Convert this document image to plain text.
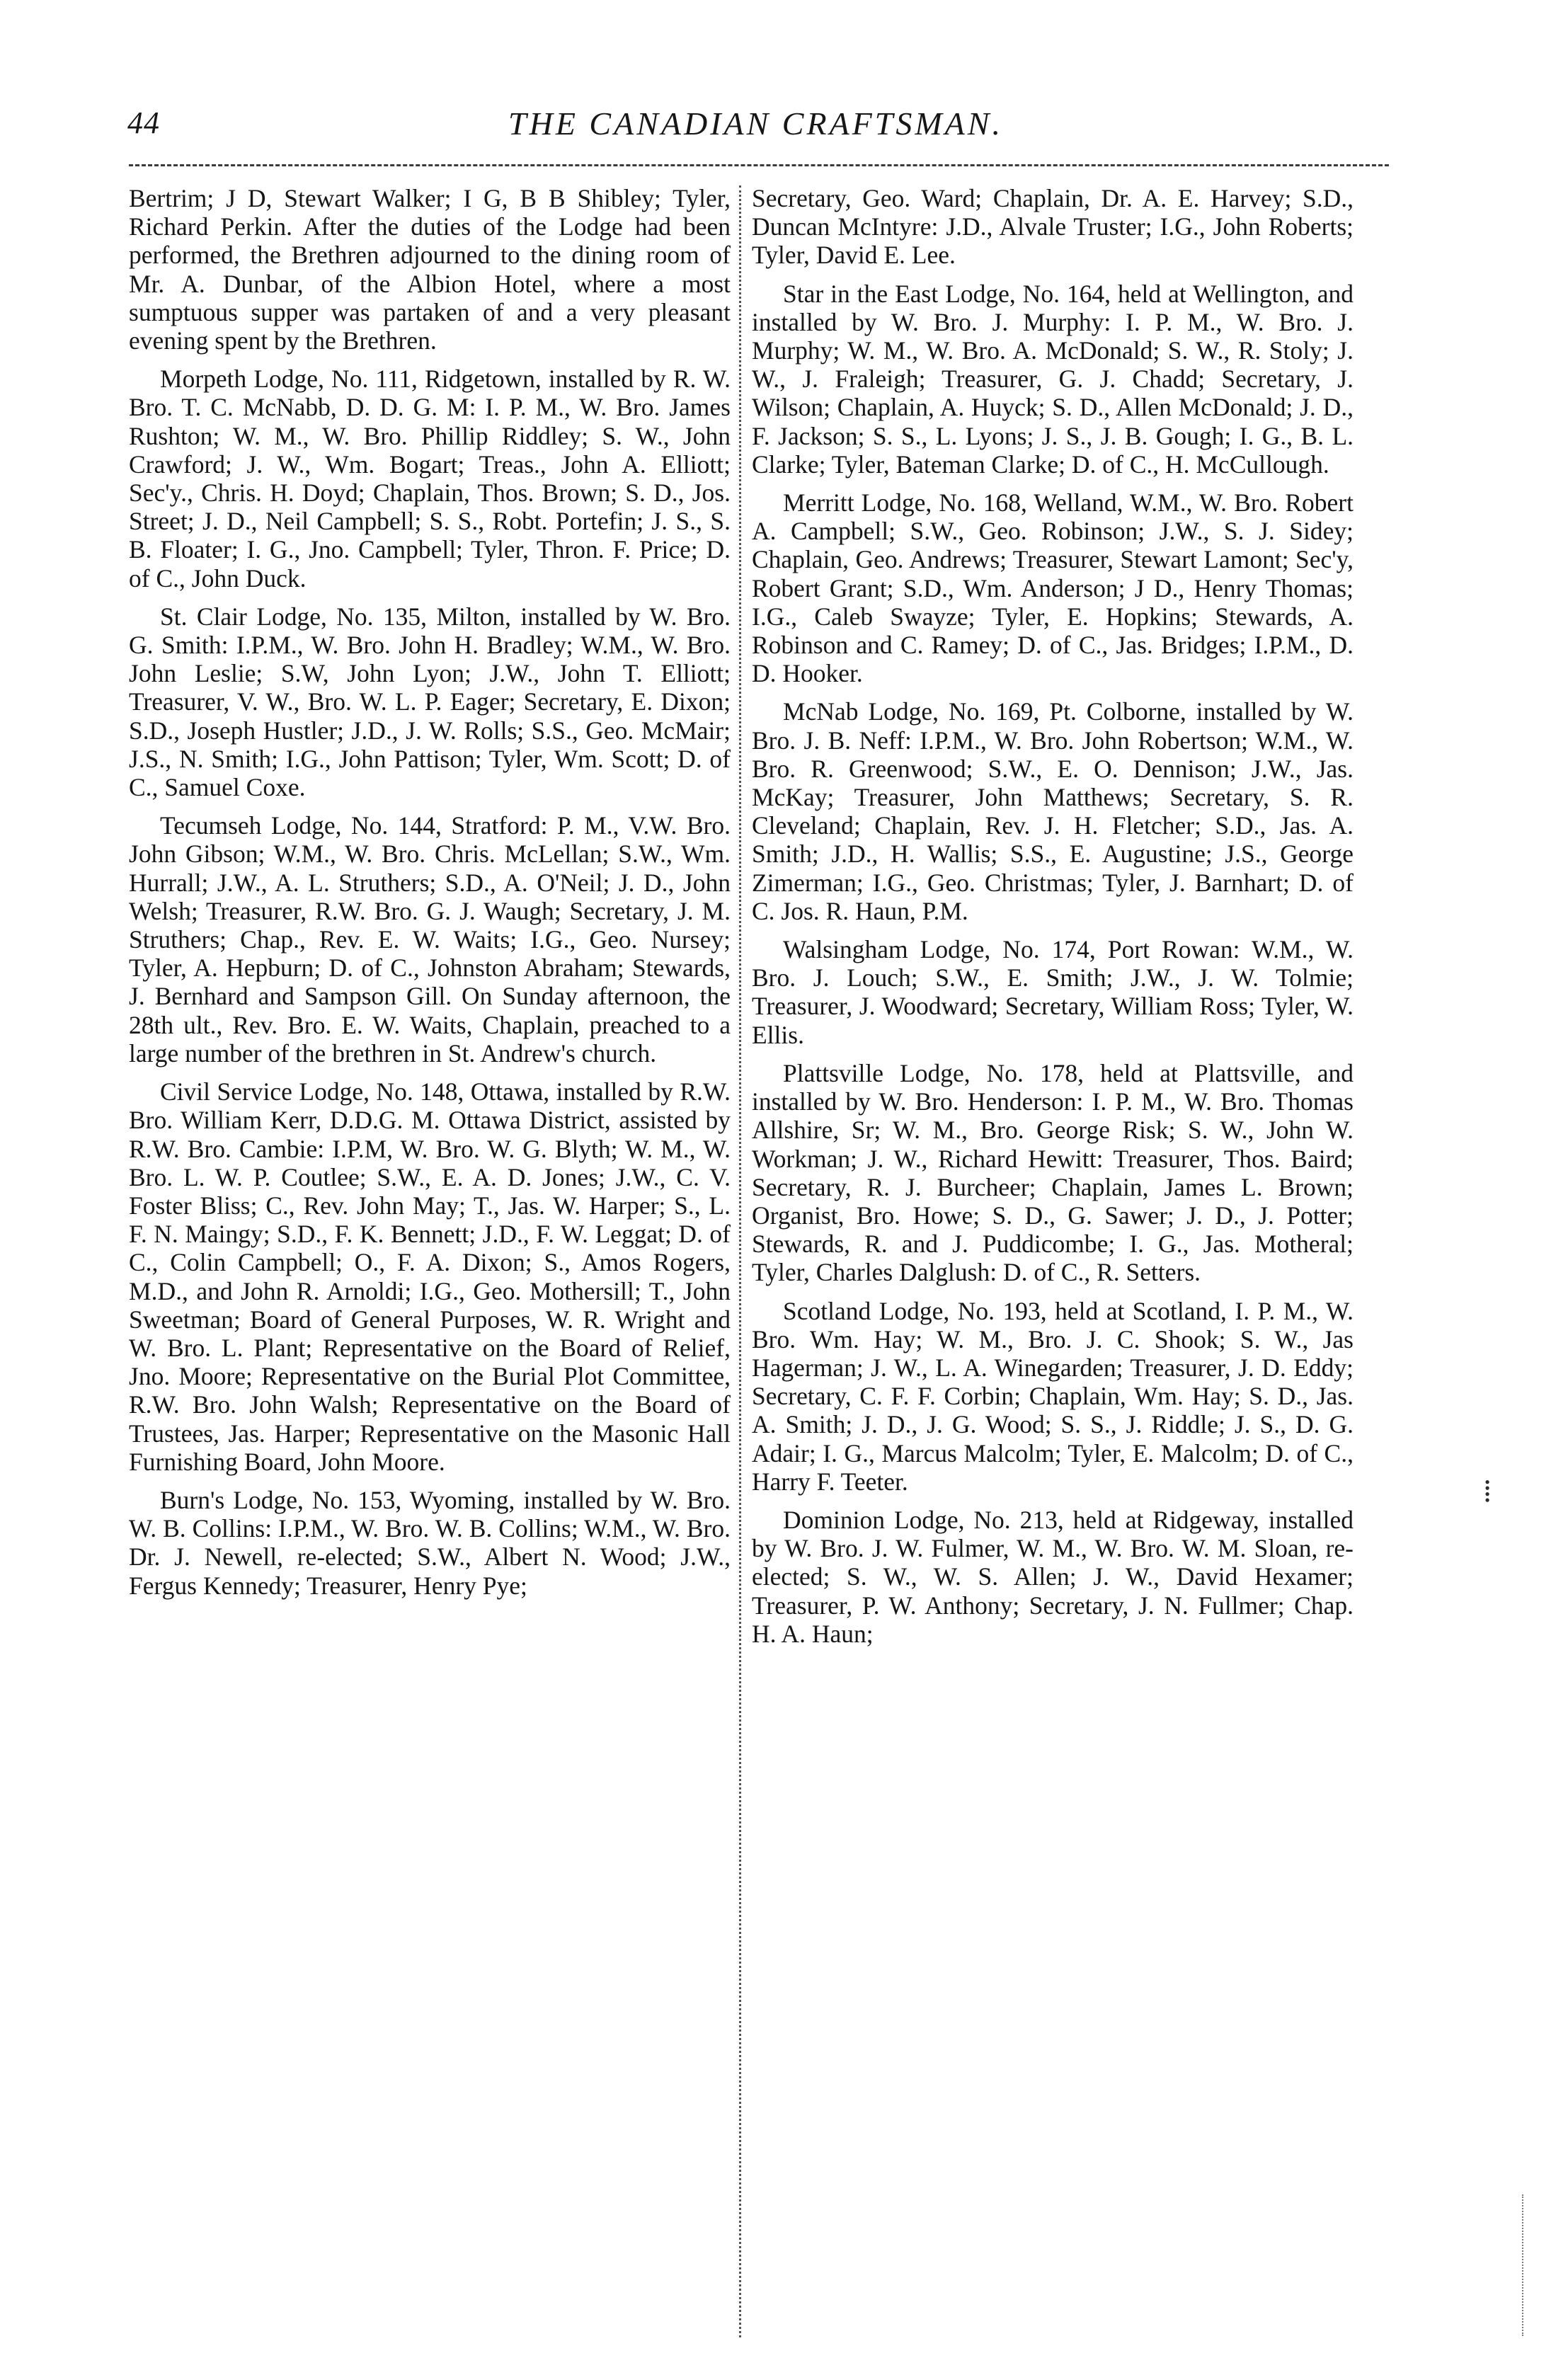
44	THE CANADIAN CRAFTSMAN.

Bertrim; J D, Stewart Walker; I G, B B Shibley; Tyler, Richard Perkin. After the duties of the Lodge had been performed, the Brethren adjourned to the dining room of Mr. A. Dunbar, of the Albion Hotel, where a most sumptuous supper was partaken of and a very pleasant evening spent by the Brethren.

Morpeth Lodge, No. 111, Ridgetown, installed by R. W. Bro. T. C. McNabb, D. D. G. M: I. P. M., W. Bro. James Rushton; W. M., W. Bro. Phillip Riddley; S. W., John Crawford; J. W., Wm. Bogart; Treas., John A. Elliott; Sec'y., Chris. H. Doyd; Chaplain, Thos. Brown; S. D., Jos. Street; J. D., Neil Campbell; S. S., Robt. Portefin; J. S., S. B. Floater; I. G., Jno. Campbell; Tyler, Thron. F. Price; D. of C., John Duck.

St. Clair Lodge, No. 135, Milton, installed by W. Bro. G. Smith: I.P.M., W. Bro. John H. Bradley; W.M., W. Bro. John Leslie; S.W, John Lyon; J.W., John T. Elliott; Treasurer, V. W., Bro. W. L. P. Eager; Secretary, E. Dixon; S.D., Joseph Hustler; J.D., J. W. Rolls; S.S., Geo. McMair; J.S., N. Smith; I.G., John Pattison; Tyler, Wm. Scott; D. of C., Samuel Coxe.

Tecumseh Lodge, No. 144, Stratford: P. M., V.W. Bro. John Gibson; W.M., W. Bro. Chris. McLellan; S.W., Wm. Hurrall; J.W., A. L. Struthers; S.D., A. O'Neil; J. D., John Welsh; Treasurer, R.W. Bro. G. J. Waugh; Secretary, J. M. Struthers; Chap., Rev. E. W. Waits; I.G., Geo. Nursey; Tyler, A. Hepburn; D. of C., Johnston Abraham; Stewards, J. Bernhard and Sampson Gill. On Sunday afternoon, the 28th ult., Rev. Bro. E. W. Waits, Chaplain, preached to a large number of the brethren in St. Andrew's church.

Civil Service Lodge, No. 148, Ottawa, installed by R.W. Bro. William Kerr, D.D.G. M. Ottawa District, assisted by R.W. Bro. Cambie: I.P.M, W. Bro. W. G. Blyth; W. M., W. Bro. L. W. P. Coutlee; S.W., E. A. D. Jones; J.W., C. V. Foster Bliss; C., Rev. John May; T., Jas. W. Harper; S., L. F. N. Maingy; S.D., F. K. Bennett; J.D., F. W. Leggat; D. of C., Colin Campbell; O., F. A. Dixon; S., Amos Rogers, M.D., and John R. Arnoldi; I.G., Geo. Mothersill; T., John Sweetman; Board of General Purposes, W. R. Wright and W. Bro. L. Plant; Representative on the Board of Relief, Jno. Moore; Representative on the Burial Plot Committee, R.W. Bro. John Walsh; Representative on the Board of Trustees, Jas. Harper; Representative on the Masonic Hall Furnishing Board, John Moore.

Burn's Lodge, No. 153, Wyoming, installed by W. Bro. W. B. Collins: I.P.M., W. Bro. W. B. Collins; W.M., W. Bro. Dr. J. Newell, re-elected; S.W., Albert N. Wood; J.W., Fergus Kennedy; Treasurer, Henry Pye;

Secretary, Geo. Ward; Chaplain, Dr. A. E. Harvey; S.D., Duncan McIntyre: J.D., Alvale Truster; I.G., John Roberts; Tyler, David E. Lee.

Star in the East Lodge, No. 164, held at Wellington, and installed by W. Bro. J. Murphy: I. P. M., W. Bro. J. Murphy; W. M., W. Bro. A. McDonald; S. W., R. Stoly; J. W., J. Fraleigh; Treasurer, G. J. Chadd; Secretary, J. Wilson; Chaplain, A. Huyck; S. D., Allen McDonald; J. D., F. Jackson; S. S., L. Lyons; J. S., J. B. Gough; I. G., B. L. Clarke; Tyler, Bateman Clarke; D. of C., H. McCullough.

Merritt Lodge, No. 168, Welland, W.M., W. Bro. Robert A. Campbell; S.W., Geo. Robinson; J.W., S. J. Sidey; Chaplain, Geo. Andrews; Treasurer, Stewart Lamont; Sec'y, Robert Grant; S.D., Wm. Anderson; J D., Henry Thomas; I.G., Caleb Swayze; Tyler, E. Hopkins; Stewards, A. Robinson and C. Ramey; D. of C., Jas. Bridges; I.P.M., D. D. Hooker.

McNab Lodge, No. 169, Pt. Colborne, installed by W. Bro. J. B. Neff: I.P.M., W. Bro. John Robertson; W.M., W. Bro. R. Greenwood; S.W., E. O. Dennison; J.W., Jas. McKay; Treasurer, John Matthews; Secretary, S. R. Cleveland; Chaplain, Rev. J. H. Fletcher; S.D., Jas. A. Smith; J.D., H. Wallis; S.S., E. Augustine; J.S., George Zimerman; I.G., Geo. Christmas; Tyler, J. Barnhart; D. of C. Jos. R. Haun, P.M.

Walsingham Lodge, No. 174, Port Rowan: W.M., W. Bro. J. Louch; S.W., E. Smith; J.W., J. W. Tolmie; Treasurer, J. Woodward; Secretary, William Ross; Tyler, W. Ellis.

Plattsville Lodge, No. 178, held at Plattsville, and installed by W. Bro. Henderson: I. P. M., W. Bro. Thomas Allshire, Sr; W. M., Bro. George Risk; S. W., John W. Workman; J. W., Richard Hewitt: Treasurer, Thos. Baird; Secretary, R. J. Burcheer; Chaplain, James L. Brown; Organist, Bro. Howe; S. D., G. Sawer; J. D., J. Potter; Stewards, R. and J. Puddicombe; I. G., Jas. Motheral; Tyler, Charles Dalglush: D. of C., R. Setters.

Scotland Lodge, No. 193, held at Scotland, I. P. M., W. Bro. Wm. Hay; W. M., Bro. J. C. Shook; S. W., Jas Hagerman; J. W., L. A. Winegarden; Treasurer, J. D. Eddy; Secretary, C. F. F. Corbin; Chaplain, Wm. Hay; S. D., Jas. A. Smith; J. D., J. G. Wood; S. S., J. Riddle; J. S., D. G. Adair; I. G., Marcus Malcolm; Tyler, E. Malcolm; D. of C., Harry F. Teeter.

Dominion Lodge, No. 213, held at Ridgeway, installed by W. Bro. J. W. Fulmer, W. M., W. Bro. W. M. Sloan, re-elected; S. W., W. S. Allen; J. W., David Hexamer; Treasurer, P. W. Anthony; Secretary, J. N. Fullmer; Chap. H. A. Haun;

⁞
